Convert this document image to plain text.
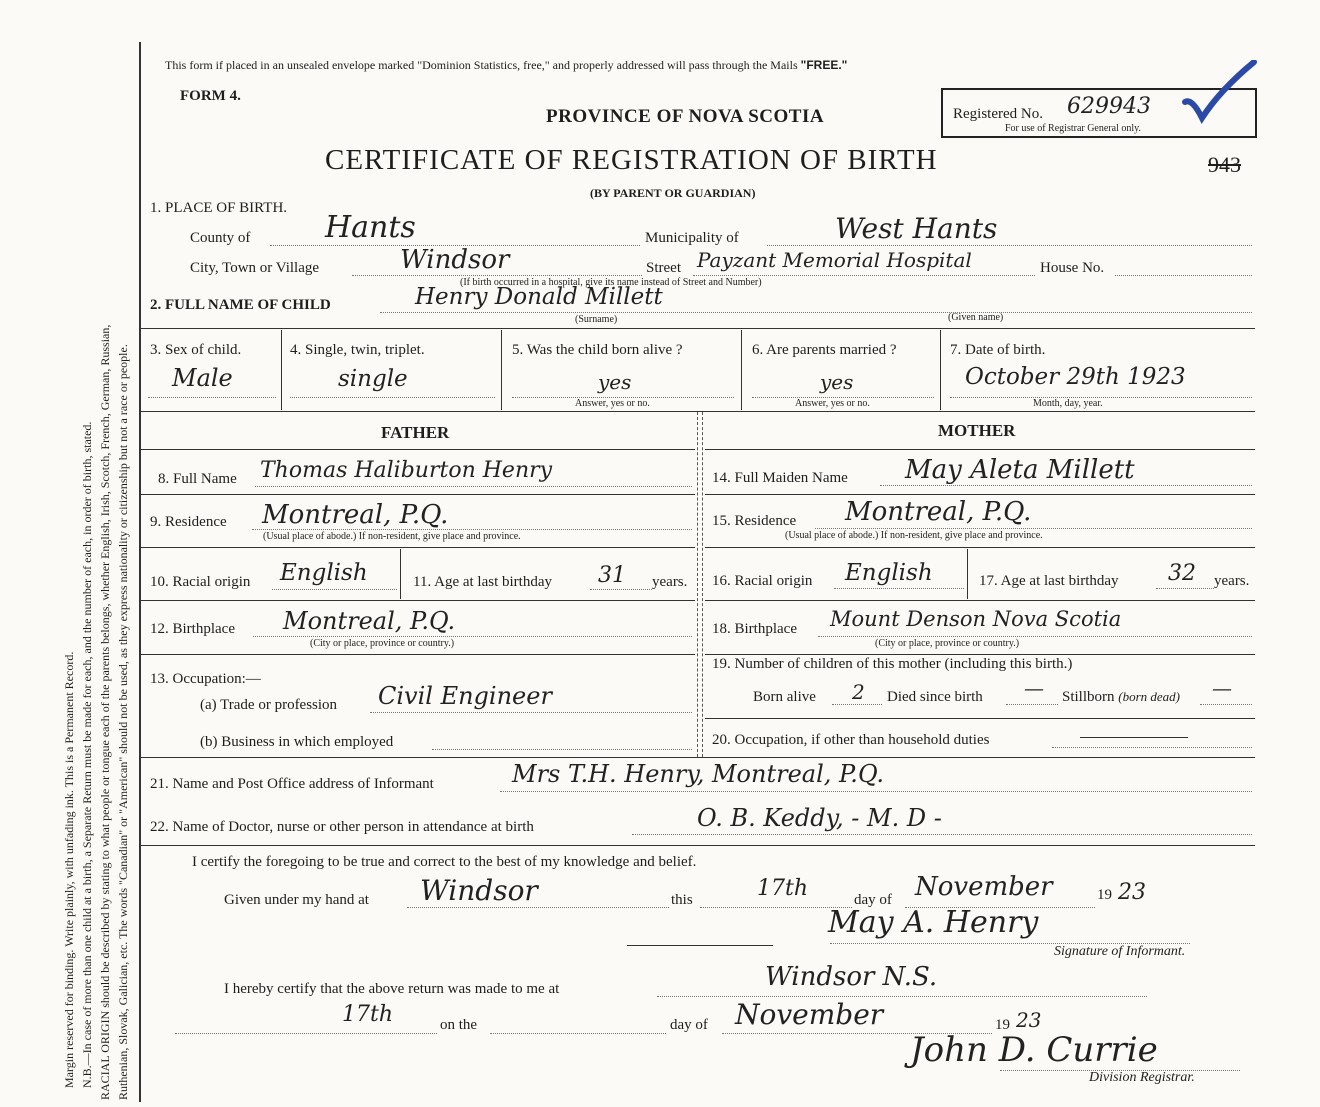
Margin reserved for binding. Write plainly, with unfading ink. This is a Permanent Record. N.B.—In case of more than one child at a birth, a Separate Return must be made for each, and the number of each, in order of birth, stated. RACIAL ORIGIN should be described by stating to what people or tongue each of the parents belongs, whether English, Irish, Scotch, French, German, Russian, Ruthenian, Slovak, Galician, etc. The words "Canadian" or "American" should not be used, as they express nationality or citizenship but not a race or people.
This form if placed in an unsealed envelope marked "Dominion Statistics, free," and properly addressed will pass through the Mails "FREE."
FORM 4.
PROVINCE OF NOVA SCOTIA
CERTIFICATE OF REGISTRATION OF BIRTH
(BY PARENT OR GUARDIAN)
Registered No. 629943
For use of Registrar General only.
943
1. PLACE OF BIRTH.
County of Hants	Municipality of	West Hants
City, Town or Village	Windsor	Street Payzant Memorial Hospital	House No.
(If birth occurred in a hospital, give its name instead of Street and Number)
2. FULL NAME OF CHILD	Henry Donald Millett
(Surname)	(Given name)
3. Sex of child.
Male
4. Single, twin, triplet.
single
5. Was the child born alive ?
yes
Answer, yes or no.
6. Are parents married ?
yes
Answer, yes or no.
7. Date of birth.
October 29th 1923
Month, day, year.
FATHER	MOTHER
8. Full Name Thomas Haliburton Henry
9. Residence Montreal, P.Q.
(Usual place of abode.) If non-resident, give place and province.
10. Racial origin English	11. Age at last birthday 31 years.
12. Birthplace Montreal, P.Q.
(City or place, province or country.)
13. Occupation:—
(a) Trade or profession Civil Engineer
(b) Business in which employed
14. Full Maiden Name May Aleta Millett
15. Residence Montreal, P.Q.
(Usual place of abode.) If non-resident, give place and province.
16. Racial origin English	17. Age at last birthday 32 years.
18. Birthplace Mount Denson Nova Scotia
(City or place, province or country.)
19. Number of children of this mother (including this birth.)
Born alive 2 Died since birth — Stillborn (born dead) —
20. Occupation, if other than household duties
21. Name and Post Office address of Informant	Mrs T.H. Henry, Montreal, P.Q.
22. Name of Doctor, nurse or other person in attendance at birth	O. B. Keddy, - M. D -
I certify the foregoing to be true and correct to the best of my knowledge and belief.
Given under my hand at Windsor	this	17th	day of November	19 23
May A. Henry
Signature of Informant.
I hereby certify that the above return was made to me at	Windsor N.S.
17th	on the	day of November	19 23
John D. Currie
Division Registrar.
